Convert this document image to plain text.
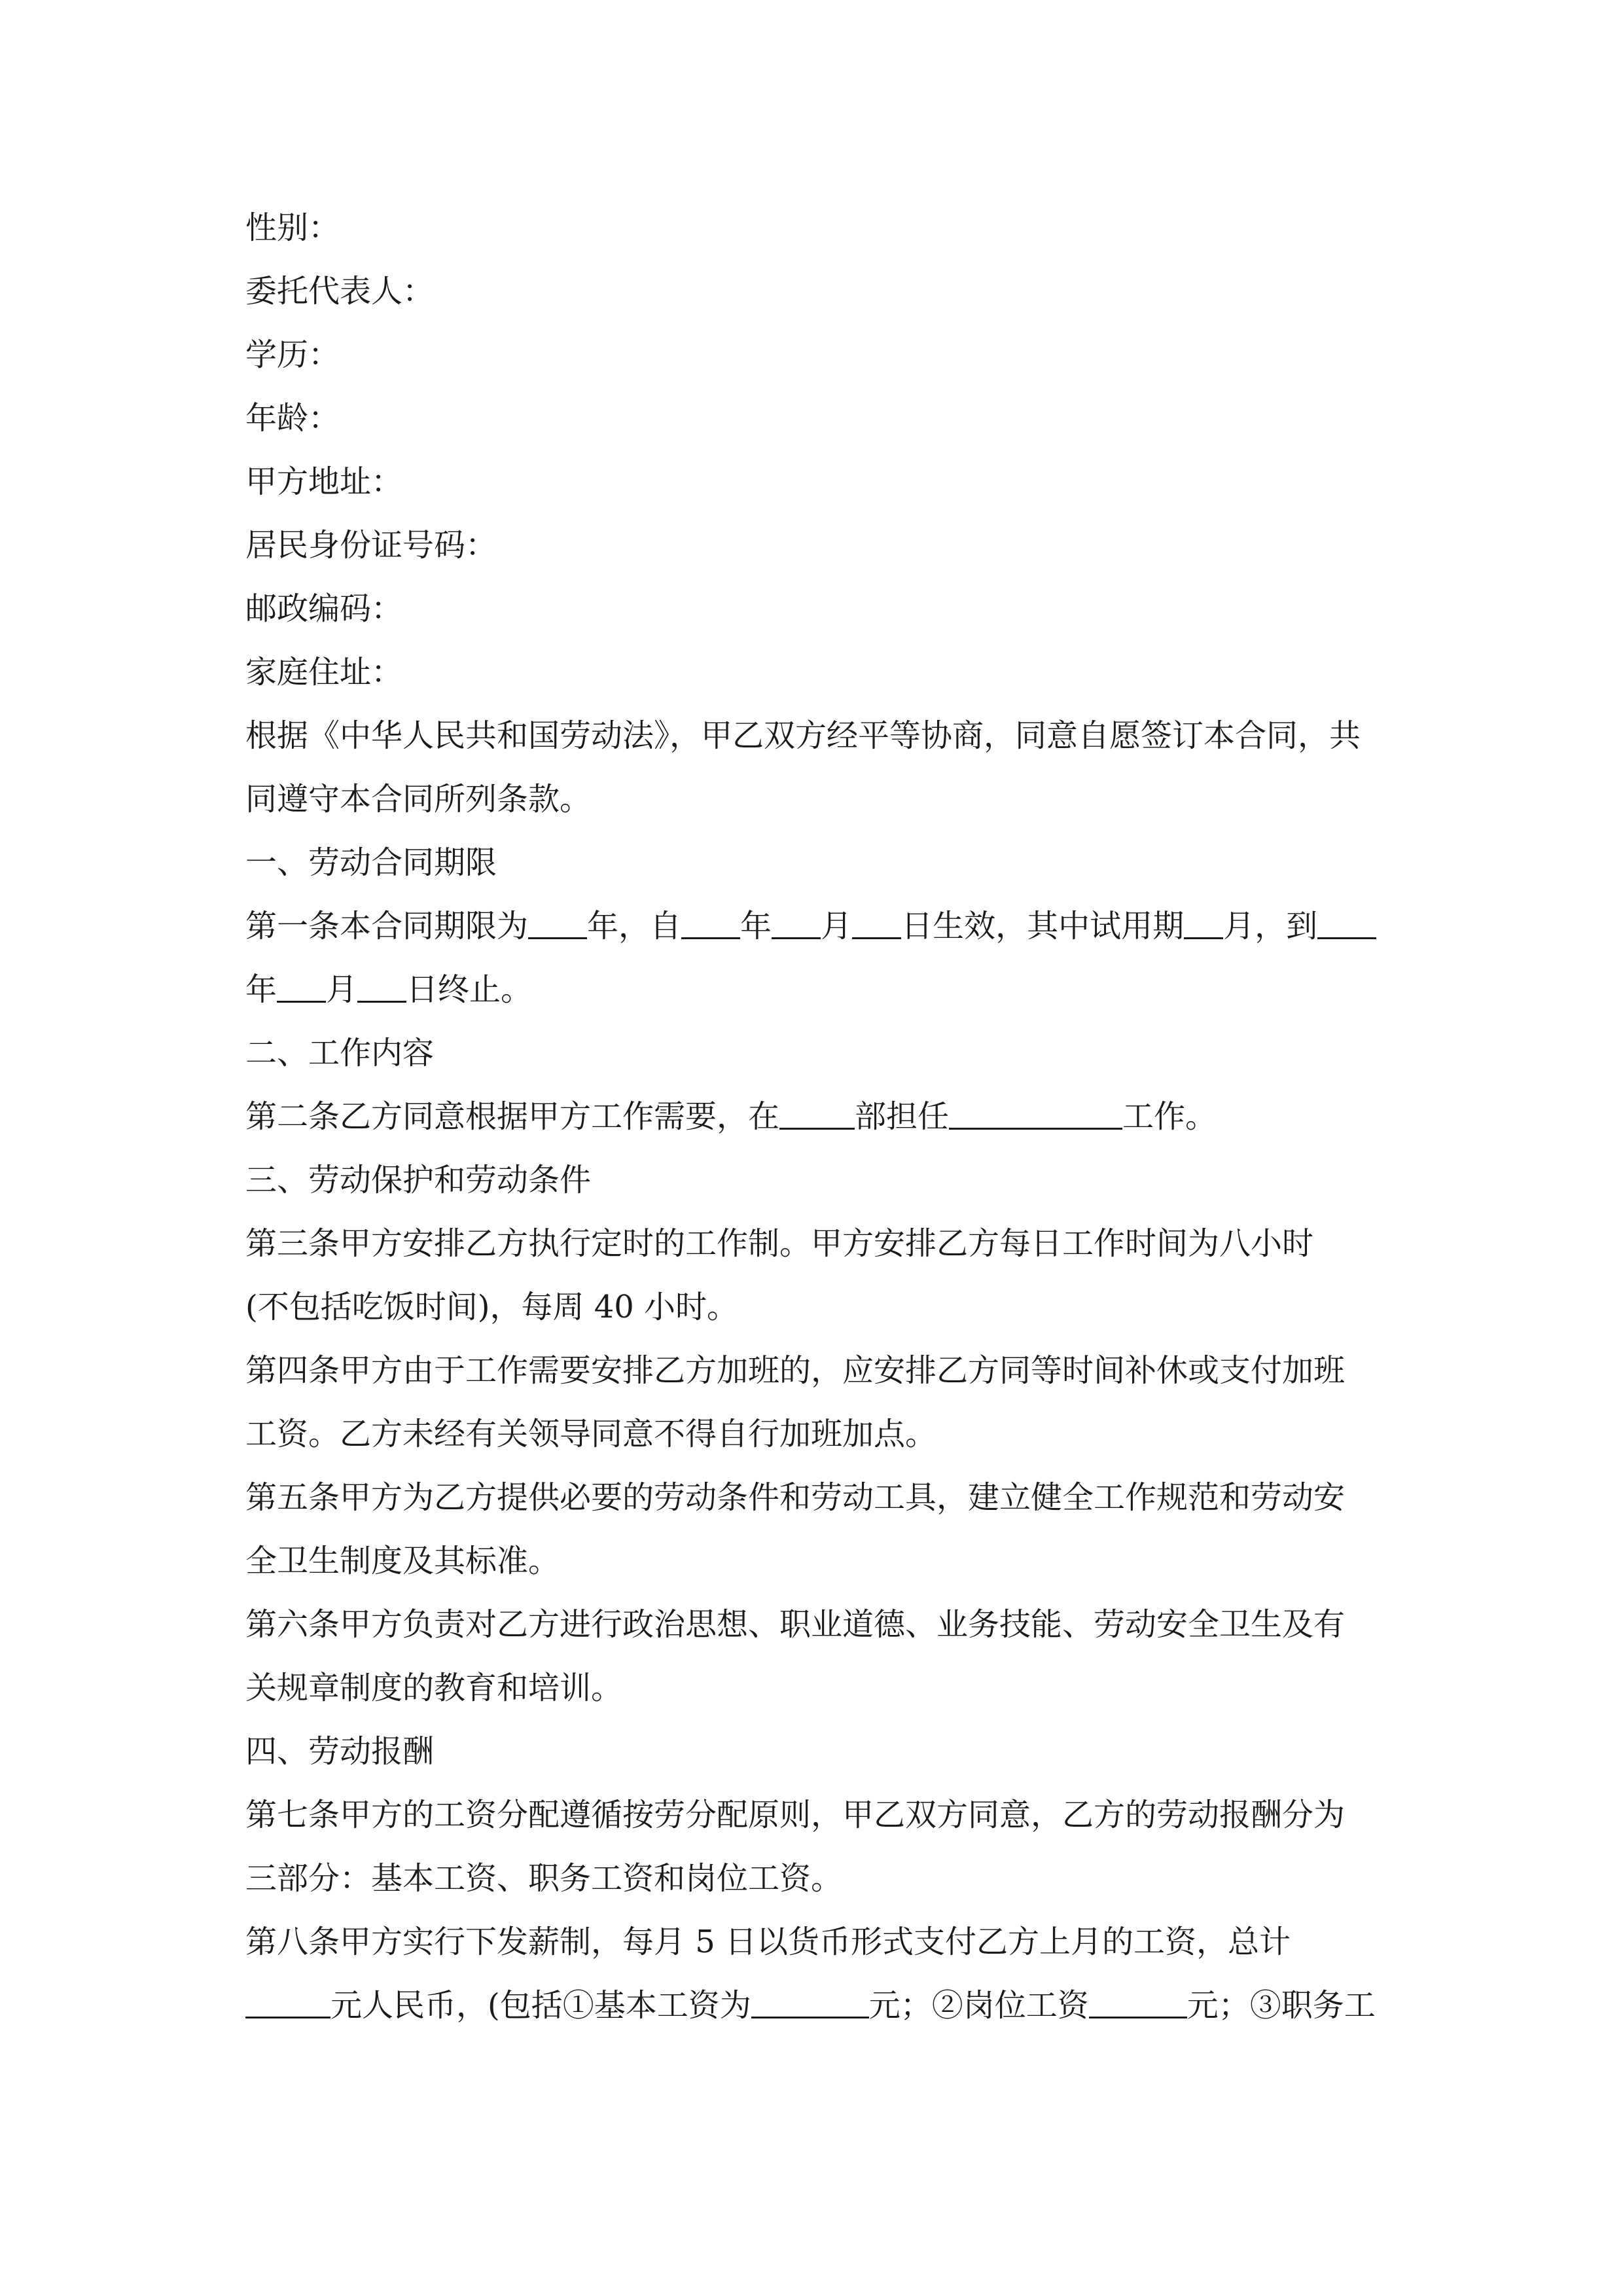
性别：
委托代表人：
学历：
年龄：
甲方地址：
居民身份证号码：
邮政编码：
家庭住址：
根据《中华人民共和国劳动法》，甲乙双方经平等协商，同意自愿签订本合同，共
同遵守本合同所列条款。
一、劳动合同期限
第一条本合同期限为 年，自 年 月 日生效，其中试用期 月，到
年 月 日终止。
二、工作内容
第二条乙方同意根据甲方工作需要，在 部担任	工作。
三、劳动保护和劳动条件
第三条甲方安排乙方执行定时的工作制。甲方安排乙方每日工作时间为八小时
(不包括吃饭时间)，每周 40 小时。
第四条甲方由于工作需要安排乙方加班的，应安排乙方同等时间补休或支付加班
工资。乙方未经有关领导同意不得自行加班加点。
第五条甲方为乙方提供必要的劳动条件和劳动工具，建立健全工作规范和劳动安
全卫生制度及其标准。
第六条甲方负责对乙方进行政治思想、职业道德、业务技能、劳动安全卫生及有
关规章制度的教育和培训。
四、劳动报酬
第七条甲方的工资分配遵循按劳分配原则，甲乙双方同意，乙方的劳动报酬分为
三部分：基本工资、职务工资和岗位工资。
第八条甲方实行下发薪制，每月 5 日以货币形式支付乙方上月的工资，总计
元人民币，(包括①基本工资为	元；②岗位工资	元；③职务工
